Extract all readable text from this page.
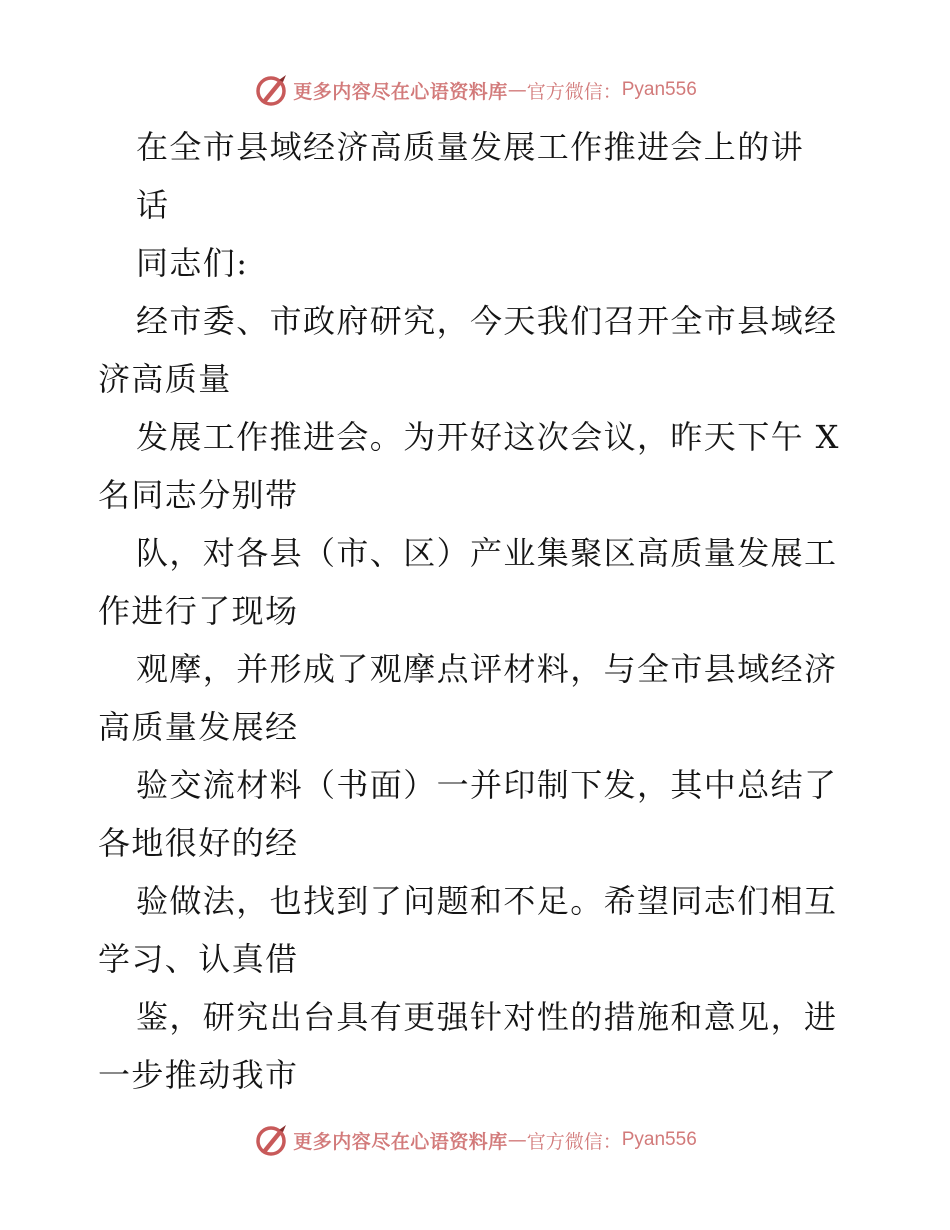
更多内容尽在心语资料库 — 官方微信： Pyan556
在全市县域经济高质量发展工作推进会上的讲
话
同志们:
经市委、市政府研究，今天我们召开全市县域经
济高质量
发展工作推进会。为开好这次会议，昨天下午 X
名同志分别带
队，对各县（市、区）产业集聚区高质量发展工
作进行了现场
观摩，并形成了观摩点评材料，与全市县域经济
高质量发展经
验交流材料（书面）一并印制下发，其中总结了
各地很好的经
验做法，也找到了问题和不足。希望同志们相互
学习、认真借
鉴，研究出台具有更强针对性的措施和意见，进
一步推动我市
更多内容尽在心语资料库 — 官方微信： Pyan556
